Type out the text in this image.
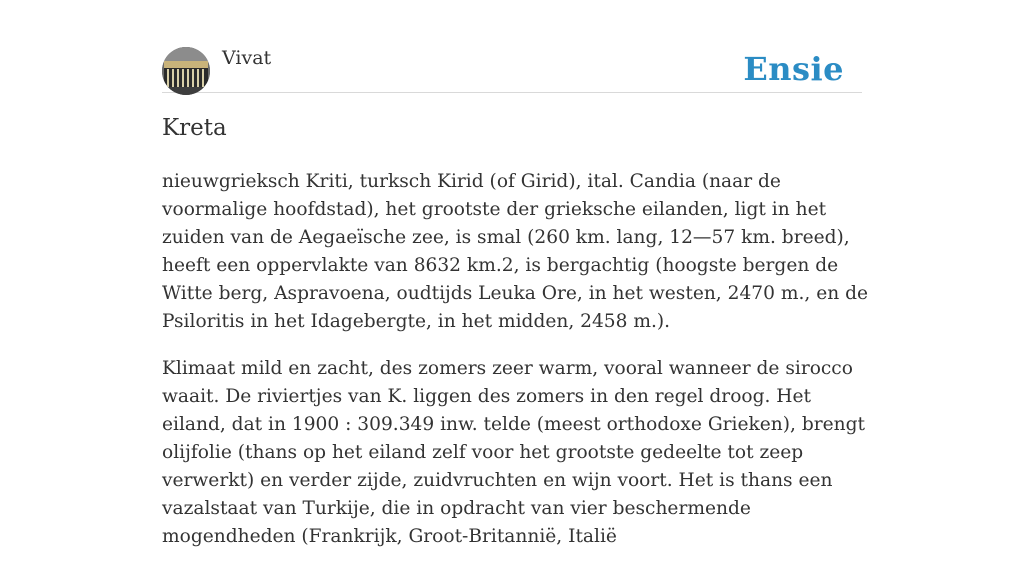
Vivat	Ensie
Kreta

nieuwgrieksch Kriti, turksch Kirid (of Girid), ital. Candia (naar de voormalige hoofdstad), het grootste der grieksche eilanden, ligt in het zuiden van de Aegaeïsche zee, is smal (260 km. lang, 12—57 km. breed), heeft een oppervlakte van 8632 km.2, is bergachtig (hoogste bergen de Witte berg, Aspravoena, oudtijds Leuka Ore, in het westen, 2470 m., en de Psiloritis in het Idagebergte, in het midden, 2458 m.).

Klimaat mild en zacht, des zomers zeer warm, vooral wanneer de sirocco waait. De riviertjes van K. liggen des zomers in den regel droog. Het eiland, dat in 1900 : 309.349 inw. telde (meest orthodoxe Grieken), brengt olijfolie (thans op het eiland zelf voor het grootste gedeelte tot zeep verwerkt) en verder zijde, zuidvruchten en wijn voort. Het is thans een vazalstaat van Turkije, die in opdracht van vier beschermende mogendheden (Frankrijk, Groot-Britannië, Italië
